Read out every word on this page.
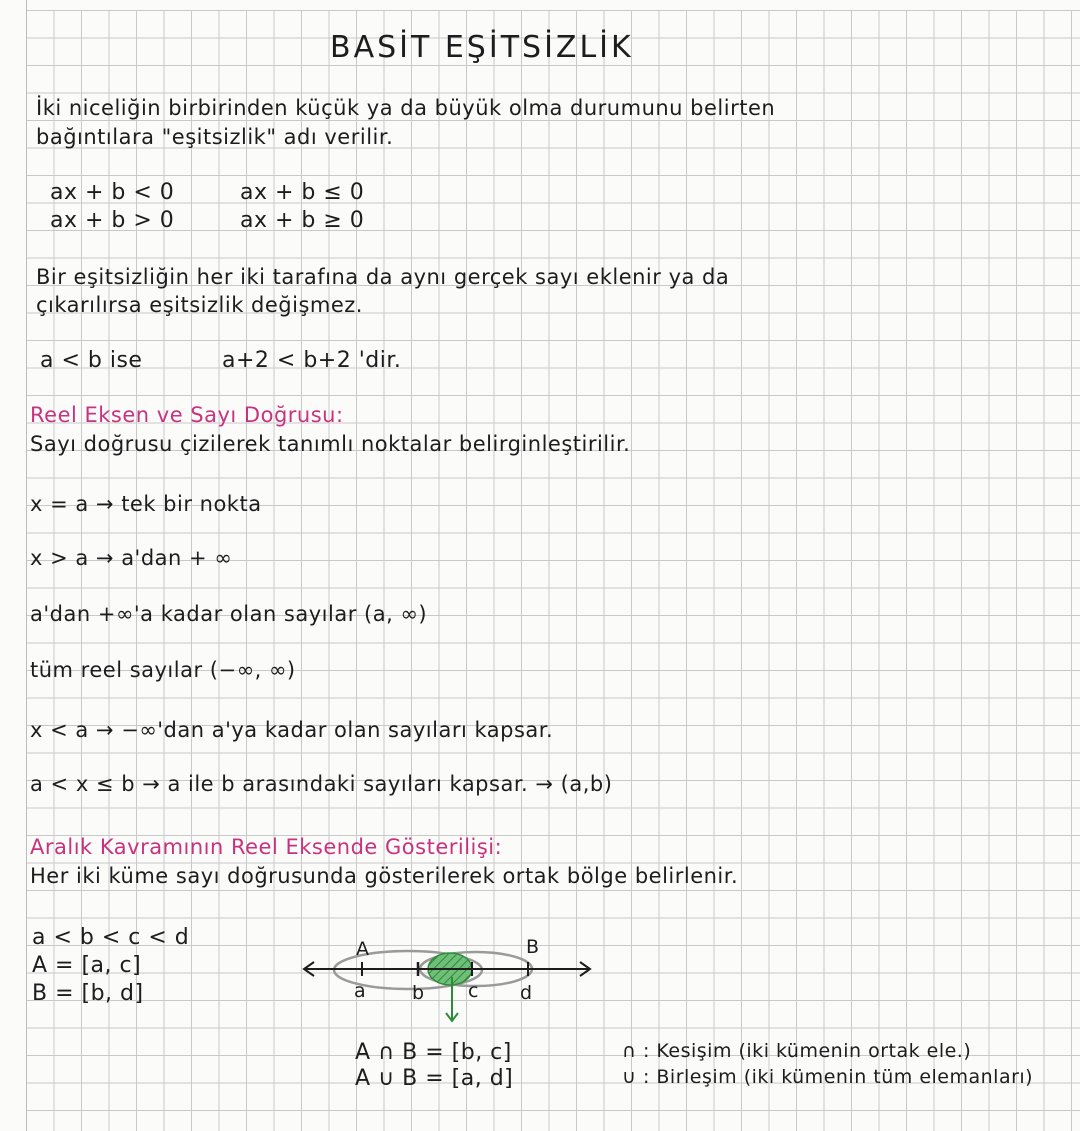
BASİT EŞİTSİZLİK
İki niceliğin birbirinden küçük ya da büyük olma durumunu belirten
bağıntılara "eşitsizlik" adı verilir.
ax + b < 0
ax + b > 0
ax + b ≤ 0
ax + b ≥ 0
Bir eşitsizliğin her iki tarafına da aynı gerçek sayı eklenir ya da
çıkarılırsa eşitsizlik değişmez.
a < b ise	a+2 < b+2 'dir.
Reel Eksen ve Sayı Doğrusu:
Sayı doğrusu çizilerek tanımlı noktalar belirginleştirilir.
x = a → tek bir nokta
x > a → a'dan + ∞
a'dan +∞'a kadar olan sayılar (a, ∞)
tüm reel sayılar (−∞, ∞)
x < a → −∞'dan a'ya kadar olan sayıları kapsar.
a < x ≤ b → a ile b arasındaki sayıları kapsar. → (a,b)
Aralık Kavramının Reel Eksende Gösterilişi:
Her iki küme sayı doğrusunda gösterilerek ortak bölge belirlenir.
a < b < c < d
A = [a, c]
B = [b, d]
A	B
a b c d
A ∩ B = [b, c]
A ∪ B = [a, d]
∩ : Kesişim (iki kümenin ortak ele.)
∪ : Birleşim (iki kümenin tüm elemanları)
